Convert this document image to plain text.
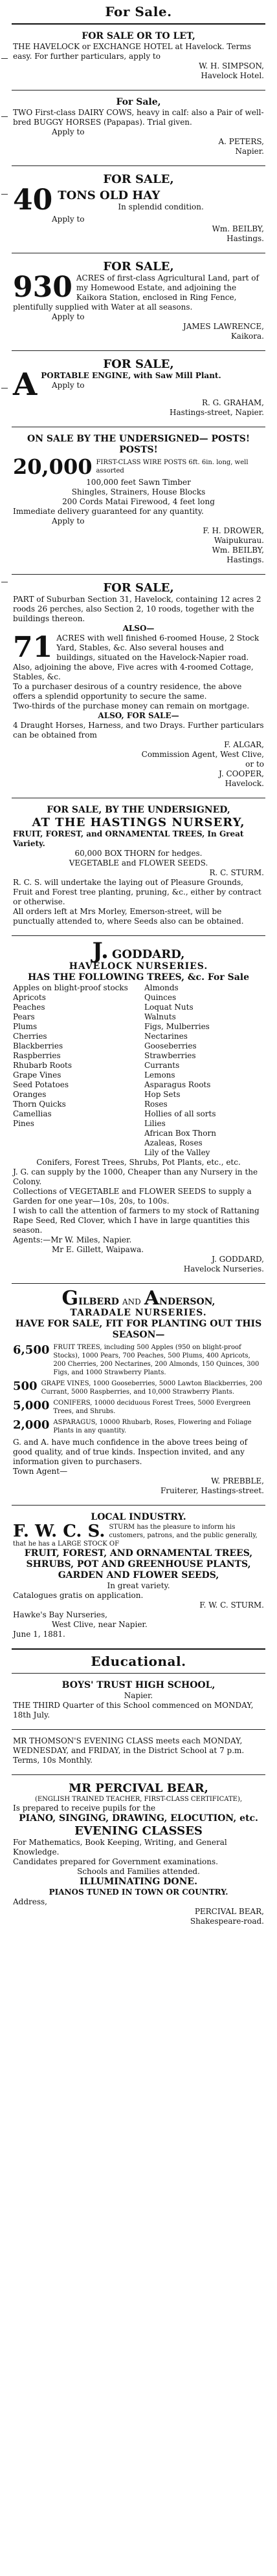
For Sale.
FOR SALE OR TO LET,
THE HAVELOCK or EXCHANGE HOTEL at Havelock. Terms easy. For further particulars, apply to
W. H. SIMPSON,
Havelock Hotel.
For Sale,
TWO First-class DAIRY COWS, heavy in calf: also a Pair of well-bred BUGGY HORSES (Papapas). Trial given.
Apply to
A. PETERS,
Napier.
FOR SALE,
40 TONS OLD HAY
In splendid condition.
Apply to
Wm. BEILBY,
Hastings.
FOR SALE,
930 ACRES of first-class Agricultural Land, part of my Homewood Estate, and adjoining the Kaikora Station, enclosed in Ring Fence, plentifully supplied with Water at all seasons.
Apply to
JAMES LAWRENCE,
Kaikora.
FOR SALE,
A PORTABLE ENGINE, with Saw Mill Plant.
Apply to
R. G. GRAHAM,
Hastings-street, Napier.
ON SALE BY THE UNDERSIGNED— POSTS! POSTS!
20,000 FIRST-CLASS WIRE POSTS 6ft. 6in. long, well assorted
100,000 feet Sawn Timber
Shingles, Strainers, House Blocks
200 Cords Matai Firewood, 4 feet long
Immediate delivery guaranteed for any quantity.
Apply to
F. H. DROWER,
Waipukurau.
Wm. BEILBY,
Hastings.
FOR SALE,
PART of Suburban Section 31, Havelock, containing 12 acres 2 roods 26 perches, also Section 2, 10 roods, together with the buildings thereon.
ALSO—
71 ACRES with well finished 6-roomed House, 2 Stock Yard, Stables, &c. Also several houses and buildings, situated on the Havelock-Napier road. Also, adjoining the above, Five acres with 4-roomed Cottage, Stables, &c.
To a purchaser desirous of a country residence, the above offers a splendid opportunity to secure the same.
Two-thirds of the purchase money can remain on mortgage.
ALSO, FOR SALE—
4 Draught Horses, Harness, and two Drays. Further particulars can be obtained from
F. ALGAR,
Commission Agent, West Clive,
or to
J. COOPER,
Havelock.
FOR SALE, BY THE UNDERSIGNED,
AT THE HASTINGS NURSERY,
FRUIT, FOREST, and ORNAMENTAL TREES, In Great Variety.
60,000 BOX THORN for hedges.
VEGETABLE and FLOWER SEEDS.
R. C. STURM.
R. C. S. will undertake the laying out of Pleasure Grounds, Fruit and Forest tree planting, pruning, &c., either by contract or otherwise.
All orders left at Mrs Morley, Emerson-street, will be punctually attended to, where Seeds also can be obtained.
J. GODDARD,
HAVELOCK NURSERIES.
HAS THE FOLLOWING TREES, &c. For Sale
Apples on blight-proof stocks
Apricots
Peaches
Pears
Plums
Cherries
Blackberries
Raspberries
Rhubarb Roots
Grape Vines
Seed Potatoes
Oranges
Thorn Quicks
Camellias
Pines
Almonds
Quinces
Loquat Nuts
Walnuts
Figs, Mulberries
Nectarines
Gooseberries
Strawberries
Currants
Lemons
Asparagus Roots
Hop Sets
Roses
Hollies of all sorts
Lilies
African Box Thorn
Azaleas, Roses
Lily of the Valley
Conifers, Forest Trees, Shrubs, Pot Plants, etc., etc.
J. G. can supply by the 1000, Cheaper than any Nursery in the Colony.
Collections of VEGETABLE and FLOWER SEEDS to supply a Garden for one year—10s, 20s, to 100s.
I wish to call the attention of farmers to my stock of Rattaning Rape Seed, Red Clover, which I have in large quantities this season.
Agents:—Mr W. Miles, Napier.
Mr E. Gillett, Waipawa.
J. GODDARD,
Havelock Nurseries.
GILBERD AND ANDERSON,
TARADALE NURSERIES.
HAVE FOR SALE, FIT FOR PLANTING OUT THIS SEASON—
6,500 FRUIT TREES, including 500 Apples (950 on blight-proof Stocks), 1000 Pears, 700 Peaches, 500 Plums, 400 Apricots, 200 Cherries, 200 Nectarines, 200 Almonds, 150 Quinces, 300 Figs, and 1000 Strawberry Plants.
500 GRAPE VINES, 1000 Gooseberries, 5000 Lawton Blackberries, 200 Currant, 5000 Raspberries, and 10,000 Strawberry Plants.
5,000 CONIFERS, 10000 deciduous Forest Trees, 5000 Evergreen Trees, and Shrubs.
2,000 ASPARAGUS, 10000 Rhubarb, Roses, Flowering and Foliage Plants in any quantity.
G. and A. have much confidence in the above trees being of good quality, and of true kinds. Inspection invited, and any information given to purchasers.
Town Agent—
W. PREBBLE,
Fruiterer, Hastings-street.
LOCAL INDUSTRY.
F. W. C. S. STURM has the pleasure to inform his customers, patrons, and the public generally, that he has a LARGE STOCK OF
FRUIT, FOREST, AND ORNAMENTAL TREES,
SHRUBS, POT AND GREENHOUSE PLANTS,
GARDEN AND FLOWER SEEDS,
In great variety.
Catalogues gratis on application.
F. W. C. STURM.
Hawke's Bay Nurseries,
West Clive, near Napier.
June 1, 1881.
Educational.
BOYS' TRUST HIGH SCHOOL,
Napier.
THE THIRD Quarter of this School commenced on MONDAY, 18th July.
MR THOMSON'S EVENING CLASS meets each MONDAY, WEDNESDAY, and FRIDAY, in the District School at 7 p.m.
Terms, 10s Monthly.
MR PERCIVAL BEAR,
(ENGLISH TRAINED TEACHER, FIRST-CLASS CERTIFICATE),
Is prepared to receive pupils for the
PIANO, SINGING, DRAWING, ELOCUTION, etc.
EVENING CLASSES
For Mathematics, Book Keeping, Writing, and General Knowledge.
Candidates prepared for Government examinations.
Schools and Families attended.
ILLUMINATING DONE.
PIANOS TUNED IN TOWN OR COUNTRY.
Address,
PERCIVAL BEAR,
Shakespeare-road.
